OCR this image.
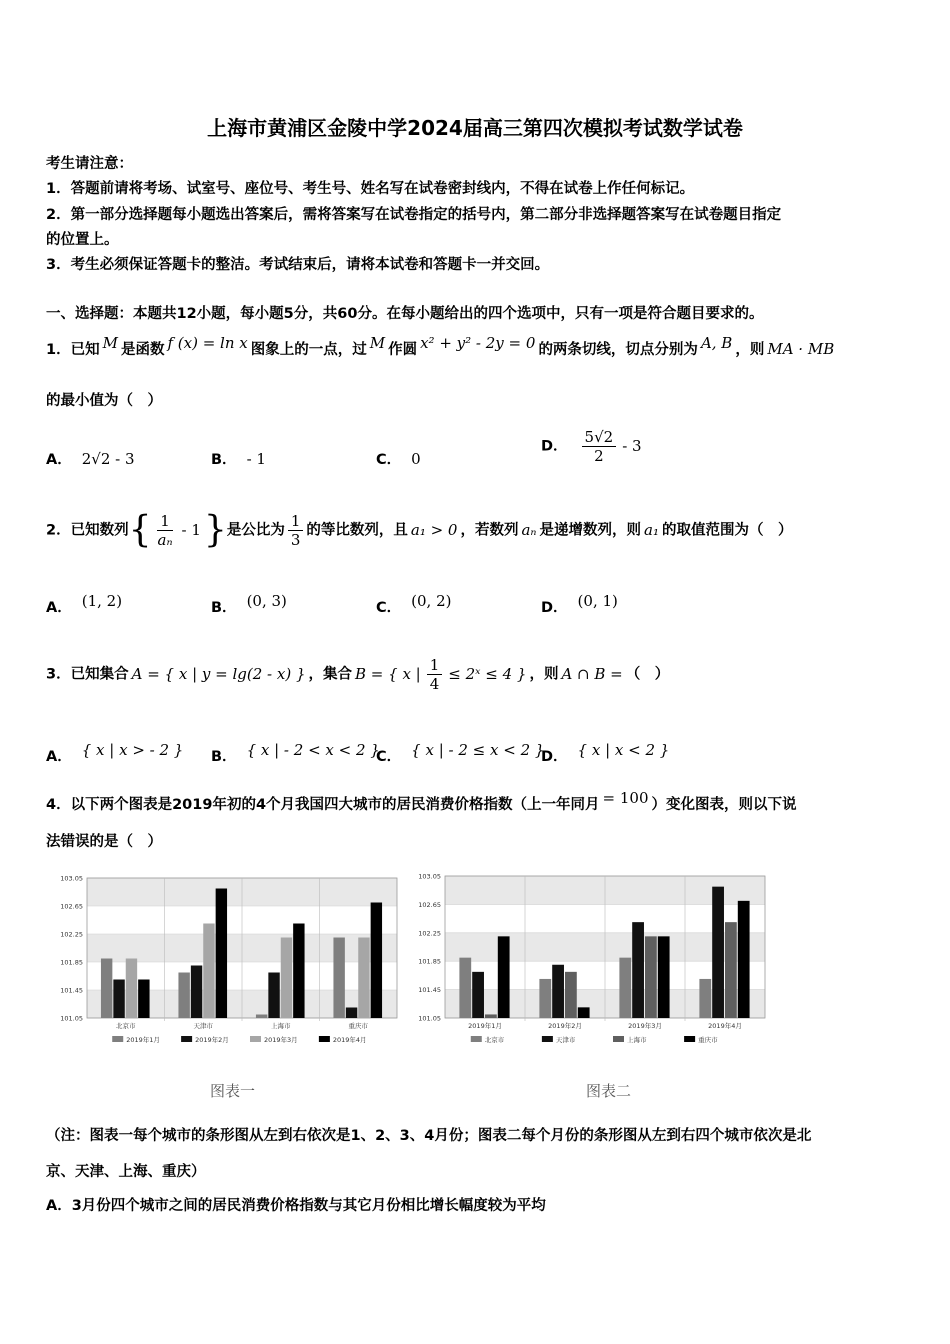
上海市黄浦区金陵中学2024届高三第四次模拟考试数学试卷
考生请注意：
1．答题前请将考场、试室号、座位号、考生号、姓名写在试卷密封线内，不得在试卷上作任何标记。
2．第一部分选择题每小题选出答案后，需将答案写在试卷指定的括号内，第二部分非选择题答案写在试卷题目指定
的位置上。
3．考生必须保证答题卡的整洁。考试结束后，请将本试卷和答题卡一并交回。
一、选择题：本题共12小题，每小题5分，共60分。在每小题给出的四个选项中，只有一项是符合题目要求的。
1．已知 M 是函数 f (x) = ln x 图象上的一点，过 M 作圆 x² + y² - 2y = 0 的两条切线，切点分别为 A, B ，则 MA · MB
的最小值为（　）
A． 2√2 - 3	B． - 1	C． 0
D． $\frac{5√2}{2} - 3$
2．已知数列{ $\frac{1}{\text{aₙ}} - 1$}是公比为 $\frac{1}{3}$ 的等比数列，且 a₁ > 0 ，若数列 aₙ 是递增数列，则 a₁ 的取值范围为（　）
A． (1, 2)	B． (0, 3)	C． (0, 2)	D． (0, 1)
3．已知集合 A = { x | y = lg(2 - x) } ，集合 B = { x | $\frac{1}{4}$ ≤ 2ˣ ≤ 4 } ，则 A ∩ B = （　）
A． { x | x > - 2 } B． { x | - 2 < x < 2 }
C． { x | - 2 ≤ x < 2 }
D． { x | x < 2 }
4．以下两个图表是2019年初的4个月我国四大城市的居民消费价格指数（上一年同月 = 100 ）变化图表，则以下说
法错误的是（　）
103.05
102.65
102.25
101.85
101.45
101.05
北京市	天津市	上海市	重庆市
2019年1月	2019年2月	2019年3月	2019年4月
图表一
103.05
102.65
102.25
101.85
101.45
101.05
2019年1月	2019年2月	2019年3月	2019年4月
北京市	天津市	上海市	重庆市
图表二
（注：图表一每个城市的条形图从左到右依次是1、2、3、4月份；图表二每个月份的条形图从左到右四个城市依次是北
京、天津、上海、重庆）
A．3月份四个城市之间的居民消费价格指数与其它月份相比增长幅度较为平均
